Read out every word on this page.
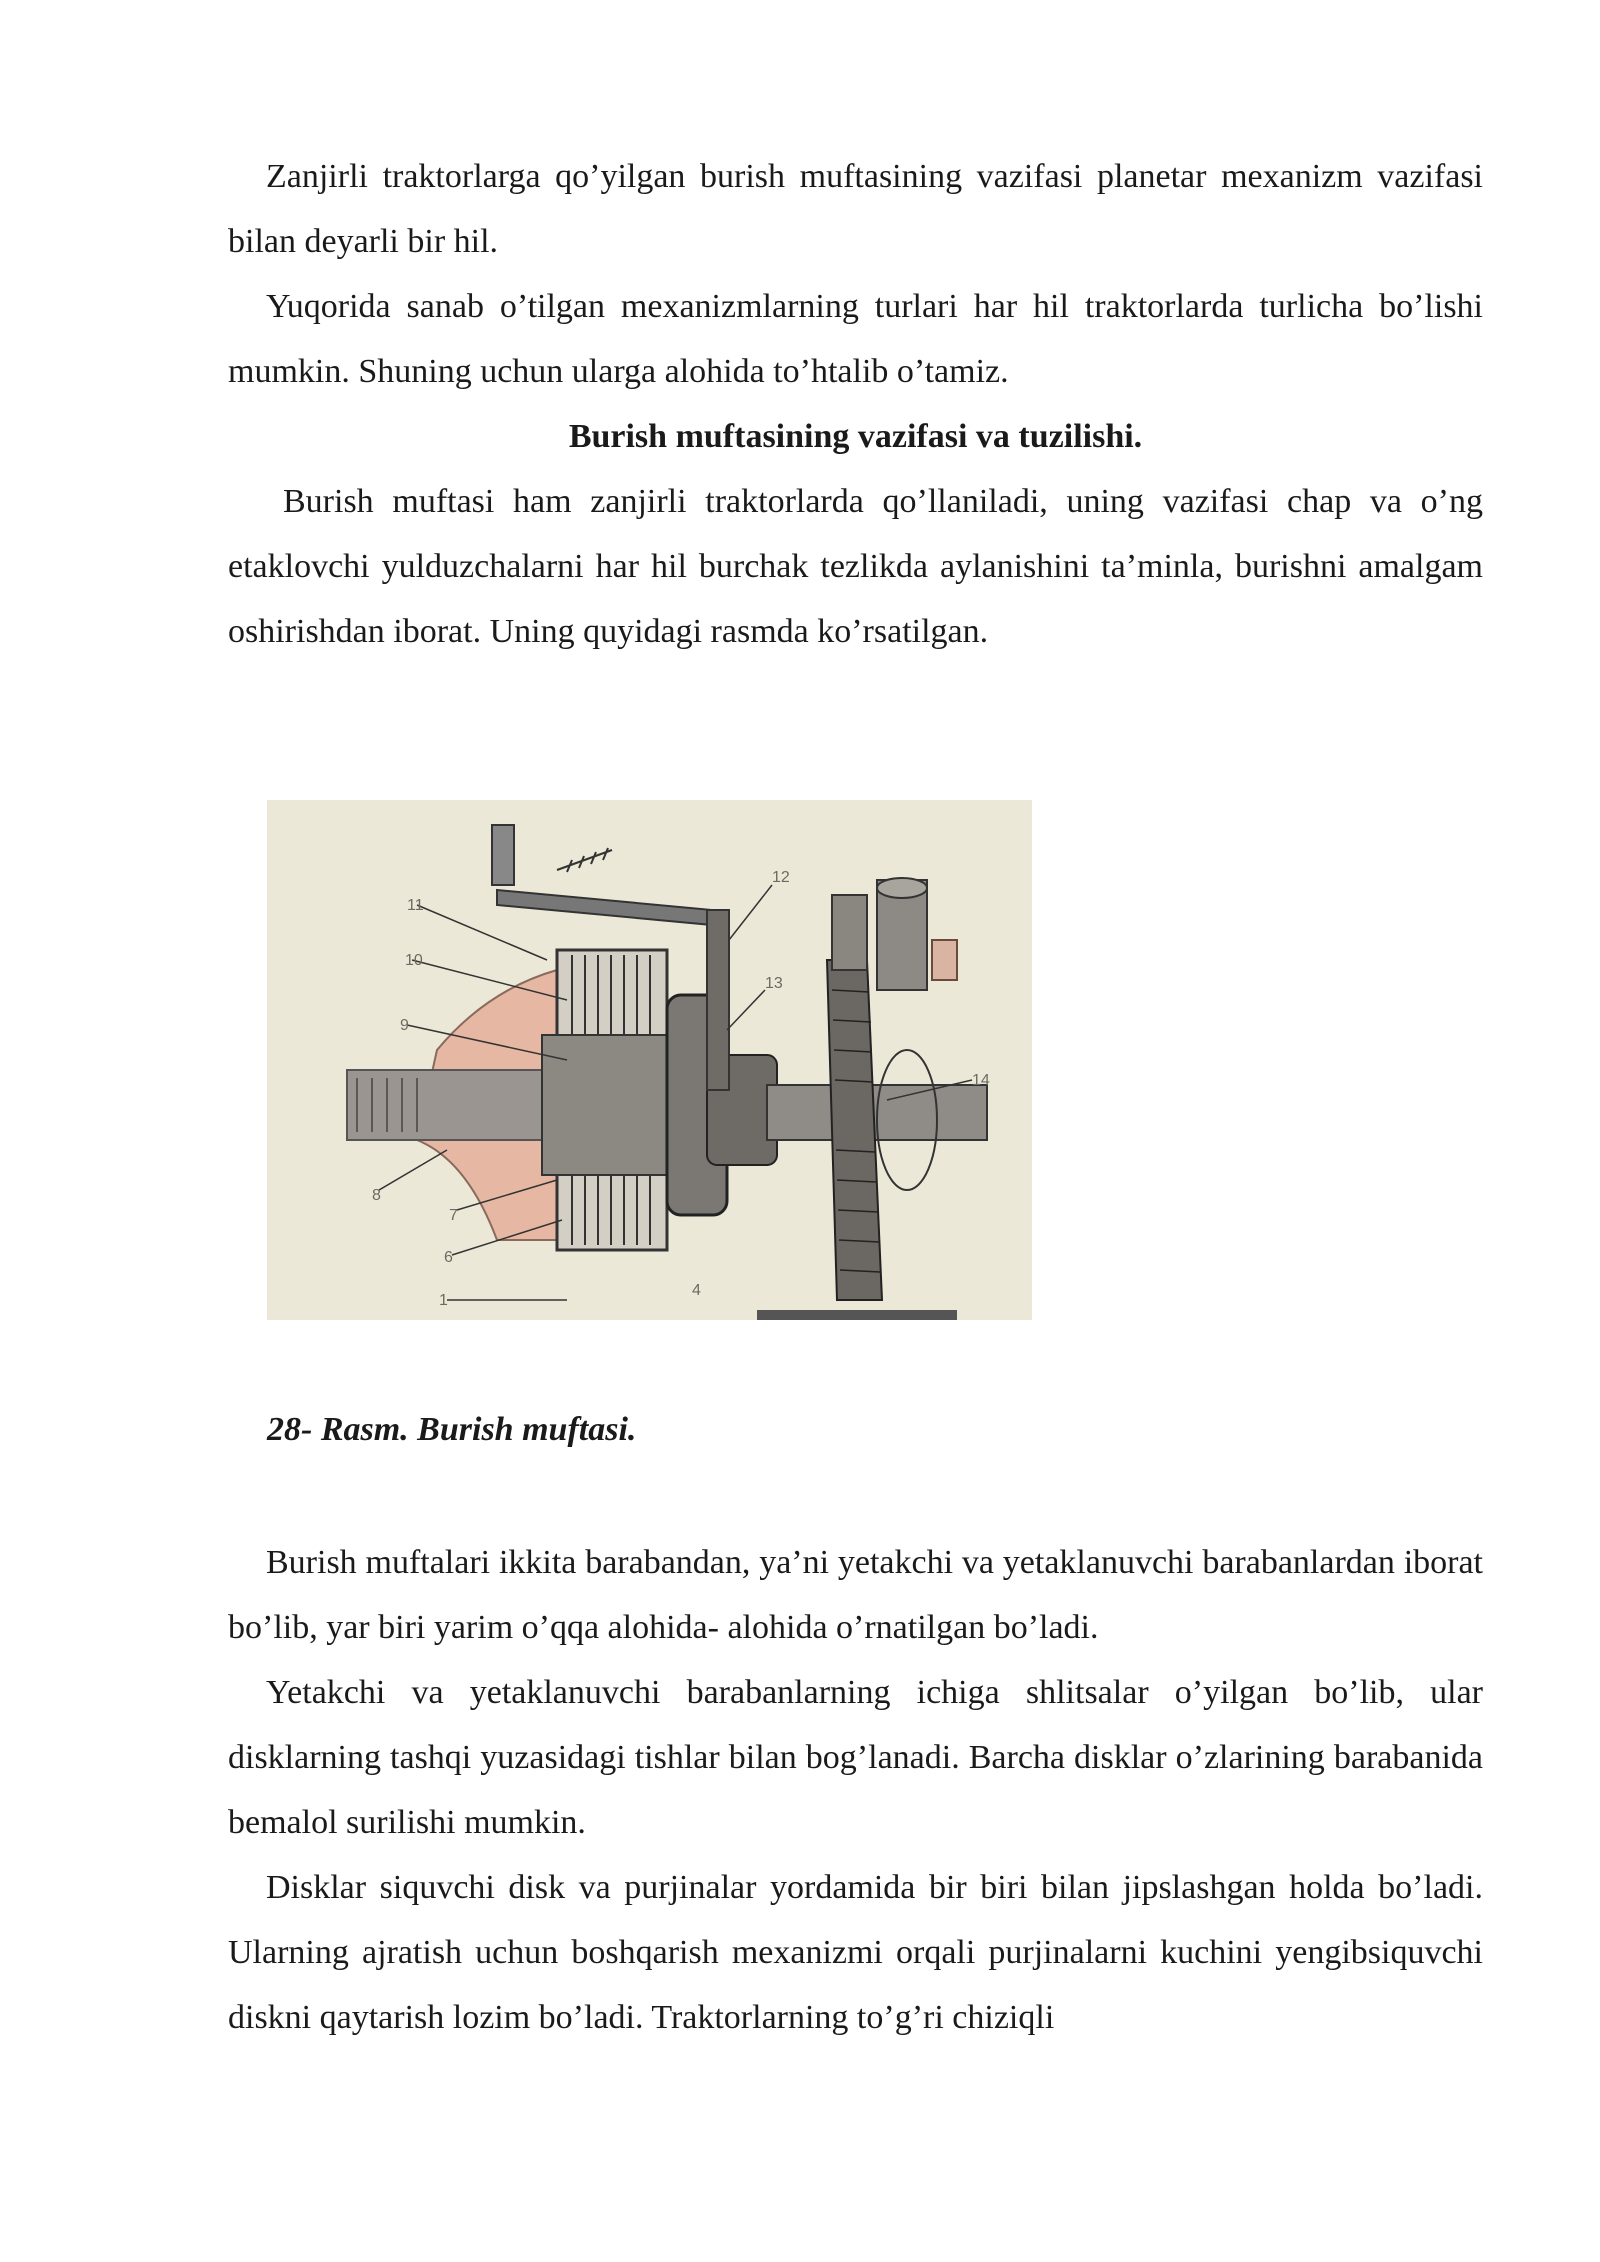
Zanjirli traktorlarga qo’yilgan burish muftasining vazifasi planetar mexanizm vazifasi bilan deyarli bir hil.

Yuqorida sanab o’tilgan mexanizmlarning turlari har hil traktorlarda turlicha bo’lishi mumkin. Shuning uchun ularga alohida to’htalib o’tamiz.

Burish muftasining vazifasi va tuzilishi.

Burish muftasi ham zanjirli traktorlarda qo’llaniladi, uning vazifasi chap va o’ng etaklovchi yulduzchalarni har hil burchak tezlikda aylanishini ta’minla, burishni amalgam oshirishdan iborat. Uning quyidagi rasmda ko’rsatilgan.

11
10
9
8
7
6
1
12
13
14
4
28- Rasm. Burish muftasi.

Burish muftalari ikkita barabandan, ya’ni yetakchi va yetaklanuvchi barabanlardan iborat bo’lib, yar biri yarim o’qqa alohida- alohida o’rnatilgan bo’ladi.

Yetakchi va yetaklanuvchi barabanlarning ichiga shlitsalar o’yilgan bo’lib, ular disklarning tashqi yuzasidagi tishlar bilan bog’lanadi. Barcha disklar o’zlarining barabanida bemalol surilishi mumkin.

Disklar siquvchi disk va purjinalar yordamida bir biri bilan jipslashgan holda bo’ladi. Ularning ajratish uchun boshqarish mexanizmi orqali purjinalarni kuchini yengibsiquvchi diskni qaytarish lozim bo’ladi. Traktorlarning to’g’ri chiziqli
